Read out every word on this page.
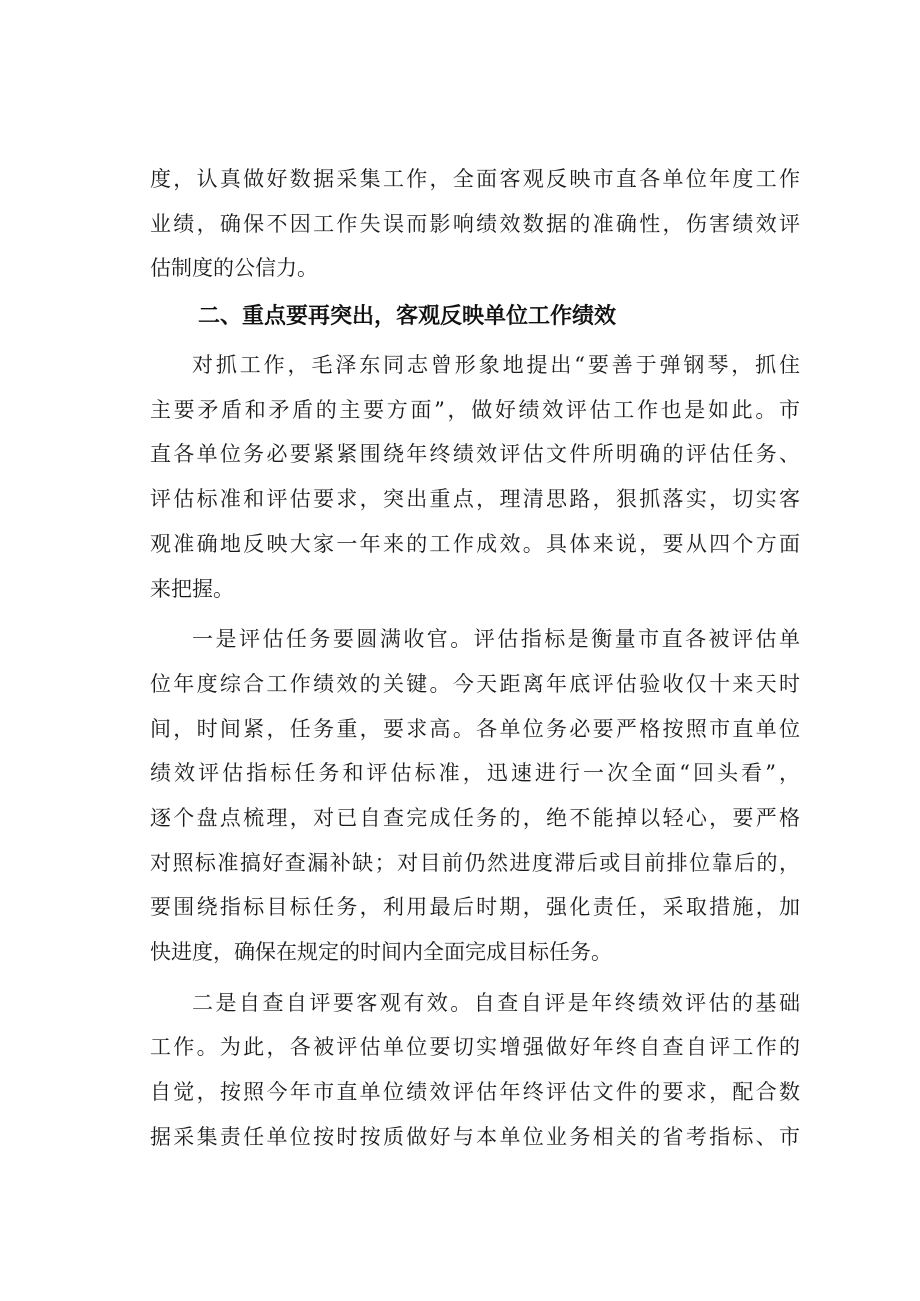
度，认真做好数据采集工作，全面客观反映市直各单位年度工作
业绩，确保不因工作失误而影响绩效数据的准确性，伤害绩效评
估制度的公信力。
二、重点要再突出，客观反映单位工作绩效
对抓工作，毛泽东同志曾形象地提出“要善于弹钢琴，抓住
主要矛盾和矛盾的主要方面”，做好绩效评估工作也是如此。市
直各单位务必要紧紧围绕年终绩效评估文件所明确的评估任务、
评估标准和评估要求，突出重点，理清思路，狠抓落实，切实客
观准确地反映大家一年来的工作成效。具体来说，要从四个方面
来把握。
一是评估任务要圆满收官。评估指标是衡量市直各被评估单
位年度综合工作绩效的关键。今天距离年底评估验收仅十来天时
间，时间紧，任务重，要求高。各单位务必要严格按照市直单位
绩效评估指标任务和评估标准，迅速进行一次全面“回头看”，
逐个盘点梳理，对已自查完成任务的，绝不能掉以轻心，要严格
对照标准搞好查漏补缺；对目前仍然进度滞后或目前排位靠后的，
要围绕指标目标任务，利用最后时期，强化责任，采取措施，加
快进度，确保在规定的时间内全面完成目标任务。
二是自查自评要客观有效。自查自评是年终绩效评估的基础
工作。为此，各被评估单位要切实增强做好年终自查自评工作的
自觉，按照今年市直单位绩效评估年终评估文件的要求，配合数
据采集责任单位按时按质做好与本单位业务相关的省考指标、市
